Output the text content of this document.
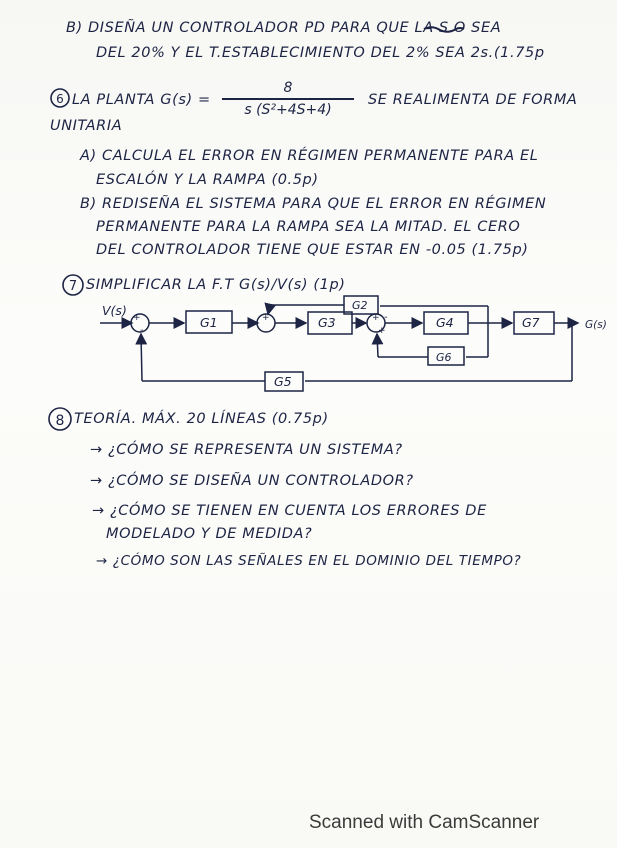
B) DISEÑA UN CONTROLADOR PD PARA QUE LA S.O SEA
DEL 20% Y EL T.ESTABLECIMIENTO DEL 2% SEA 2s.(1.75p
LA PLANTA G(s) =
8
s (S²+4S+4)
SE REALIMENTA DE FORMA
UNITARIA
A) CALCULA EL ERROR EN RÉGIMEN PERMANENTE PARA EL
ESCALÓN Y LA RAMPA (0.5p)
B) REDISEÑA EL SISTEMA PARA QUE EL ERROR EN RÉGIMEN
PERMANENTE PARA LA RAMPA SEA LA MITAD. EL CERO
DEL CONTROLADOR TIENE QUE ESTAR EN -0.05 (1.75p)
SIMPLIFICAR LA F.T G(s)/V(s) (1p)
TEORÍA. MÁX. 20 LÍNEAS (0.75p)
→ ¿CÓMO SE REPRESENTA UN SISTEMA?
→ ¿CÓMO SE DISEÑA UN CONTROLADOR?
→ ¿CÓMO SE TIENEN EN CUENTA LOS ERRORES DE
MODELADO Y DE MEDIDA?
→ ¿CÓMO SON LAS SEÑALES EN EL DOMINIO DEL TIEMPO?
6
7
8
V(s)
G(s)
G1
G2
G3	G4
G6
G5
G7
+
-
+	+
+
-
Scanned with CamScanner
